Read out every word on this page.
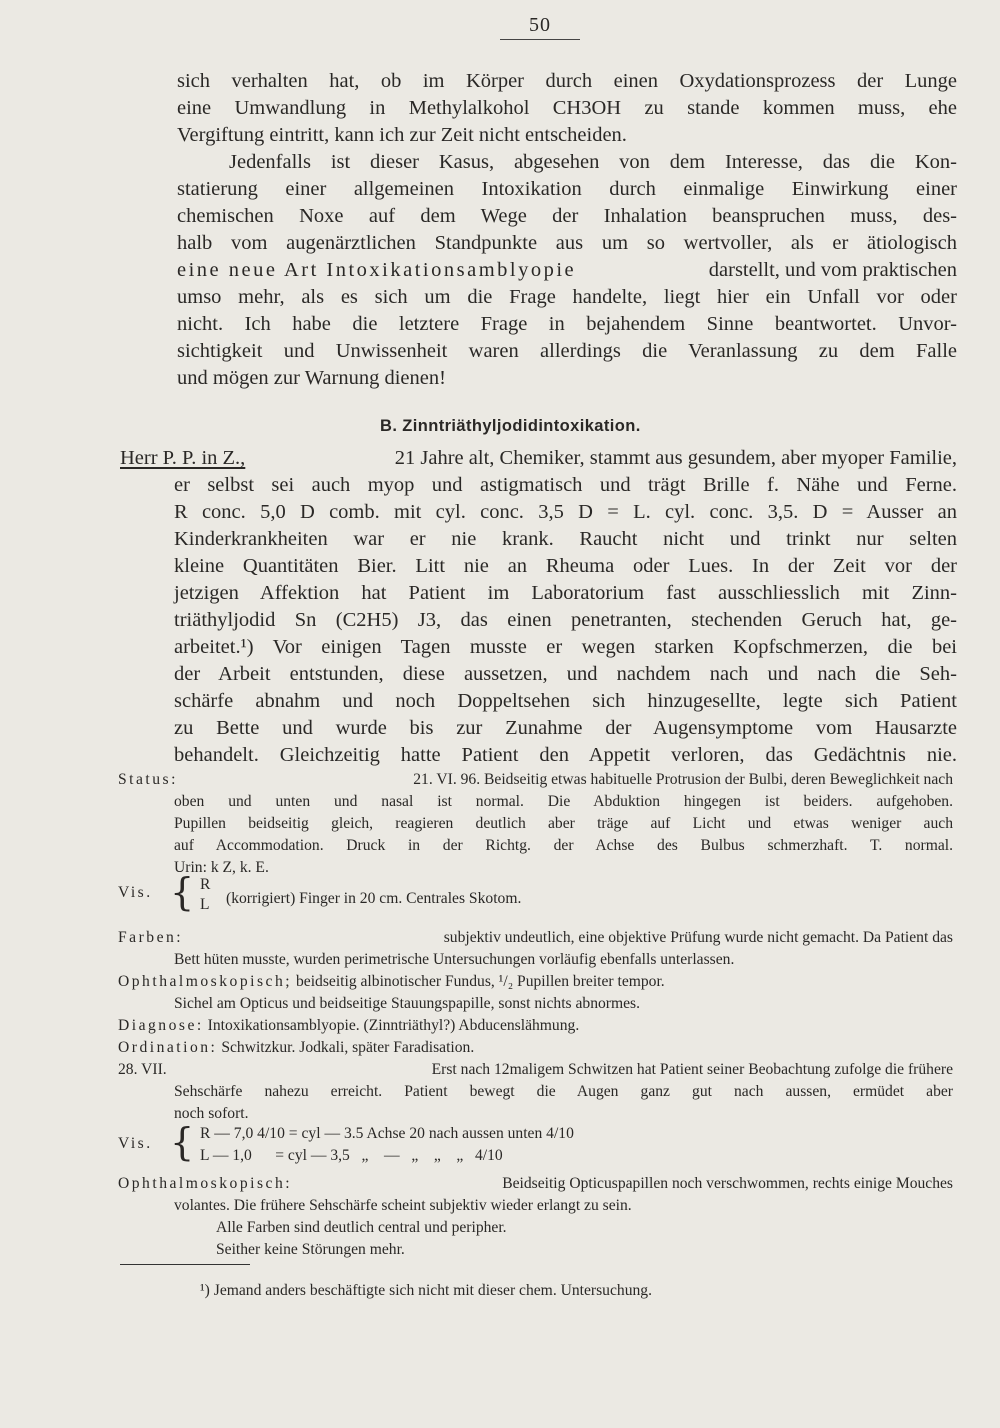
50
sich verhalten hat, ob im Körper durch einen Oxydationsprozess der Lunge
eine Umwandlung in Methylalkohol CH3OH zu stande kommen muss, ehe
Vergiftung eintritt, kann ich zur Zeit nicht entscheiden.
Jedenfalls ist dieser Kasus, abgesehen von dem Interesse, das die Kon-
statierung einer allgemeinen Intoxikation durch einmalige Einwirkung einer
chemischen Noxe auf dem Wege der Inhalation beanspruchen muss, des-
halb vom augenärztlichen Standpunkte aus um so wertvoller, als er ätiologisch
eine neue Art Intoxikationsamblyopie	darstellt, und vom praktischen
umso mehr, als es sich um die Frage handelte, liegt hier ein Unfall vor oder
nicht. Ich habe die letztere Frage in bejahendem Sinne beantwortet. Unvor-
sichtigkeit und Unwissenheit waren allerdings die Veranlassung zu dem Falle
und mögen zur Warnung dienen!
B. Zinntriäthyljodidintoxikation.
Herr P. P. in Z.,	21 Jahre alt, Chemiker, stammt aus gesundem, aber myoper Familie,
er selbst sei auch myop und astigmatisch und trägt Brille f. Nähe und Ferne.
R conc. 5,0 D comb. mit cyl. conc. 3,5 D = L. cyl. conc. 3,5. D = Ausser an
Kinderkrankheiten war er nie krank. Raucht nicht und trinkt nur selten
kleine Quantitäten Bier. Litt nie an Rheuma oder Lues. In der Zeit vor der
jetzigen Affektion hat Patient im Laboratorium fast ausschliesslich mit Zinn-
triäthyljodid Sn (C2H5) J3, das einen penetranten, stechenden Geruch hat, ge-
arbeitet.¹) Vor einigen Tagen musste er wegen starken Kopfschmerzen, die bei
der Arbeit entstunden, diese aussetzen, und nachdem nach und nach die Seh-
schärfe abnahm und noch Doppeltsehen sich hinzugesellte, legte sich Patient
zu Bette und wurde bis zur Zunahme der Augensymptome vom Hausarzte
behandelt. Gleichzeitig hatte Patient den Appetit verloren, das Gedächtnis nie.
Status:	21. VI. 96. Beidseitig etwas habituelle Protrusion der Bulbi, deren Beweglichkeit nach
oben und unten und nasal ist normal. Die Abduktion hingegen ist beiders. aufgehoben.
Pupillen beidseitig gleich, reagieren deutlich aber träge auf Licht und etwas weniger auch
auf Accommodation. Druck in der Richtg. der Achse des Bulbus schmerzhaft. T. normal.
Urin: k Z, k. E.
Vis. { R
L (korrigiert) Finger in 20 cm. Centrales Skotom.
Farben:	subjektiv undeutlich, eine objektive Prüfung wurde nicht gemacht. Da Patient das
Bett hüten musste, wurden perimetrische Untersuchungen vorläufig ebenfalls unterlassen.
Ophthalmoskopisch; beidseitig albinotischer Fundus, ¹/₂ Pupillen breiter tempor.
Sichel am Opticus und beidseitige Stauungspapille, sonst nichts abnormes.
Diagnose: Intoxikationsamblyopie. (Zinntriäthyl?) Abducenslähmung.
Ordination: Schwitzkur. Jodkali, später Faradisation.
28. VII.	Erst nach 12maligem Schwitzen hat Patient seiner Beobachtung zufolge die frühere
Sehschärfe nahezu erreicht. Patient bewegt die Augen ganz gut nach aussen, ermüdet aber
noch sofort.
Vis. { R — 7,0 4/10 = cyl — 3.5 Achse 20 nach aussen unten 4/10
L — 1,0      = cyl — 3,5   „    —   „    „    „   4/10
Ophthalmoskopisch:	Beidseitig Opticuspapillen noch verschwommen, rechts einige Mouches
volantes. Die frühere Sehschärfe scheint subjektiv wieder erlangt zu sein.
Alle Farben sind deutlich central und peripher.
Seither keine Störungen mehr.
¹) Jemand anders beschäftigte sich nicht mit dieser chem. Untersuchung.
